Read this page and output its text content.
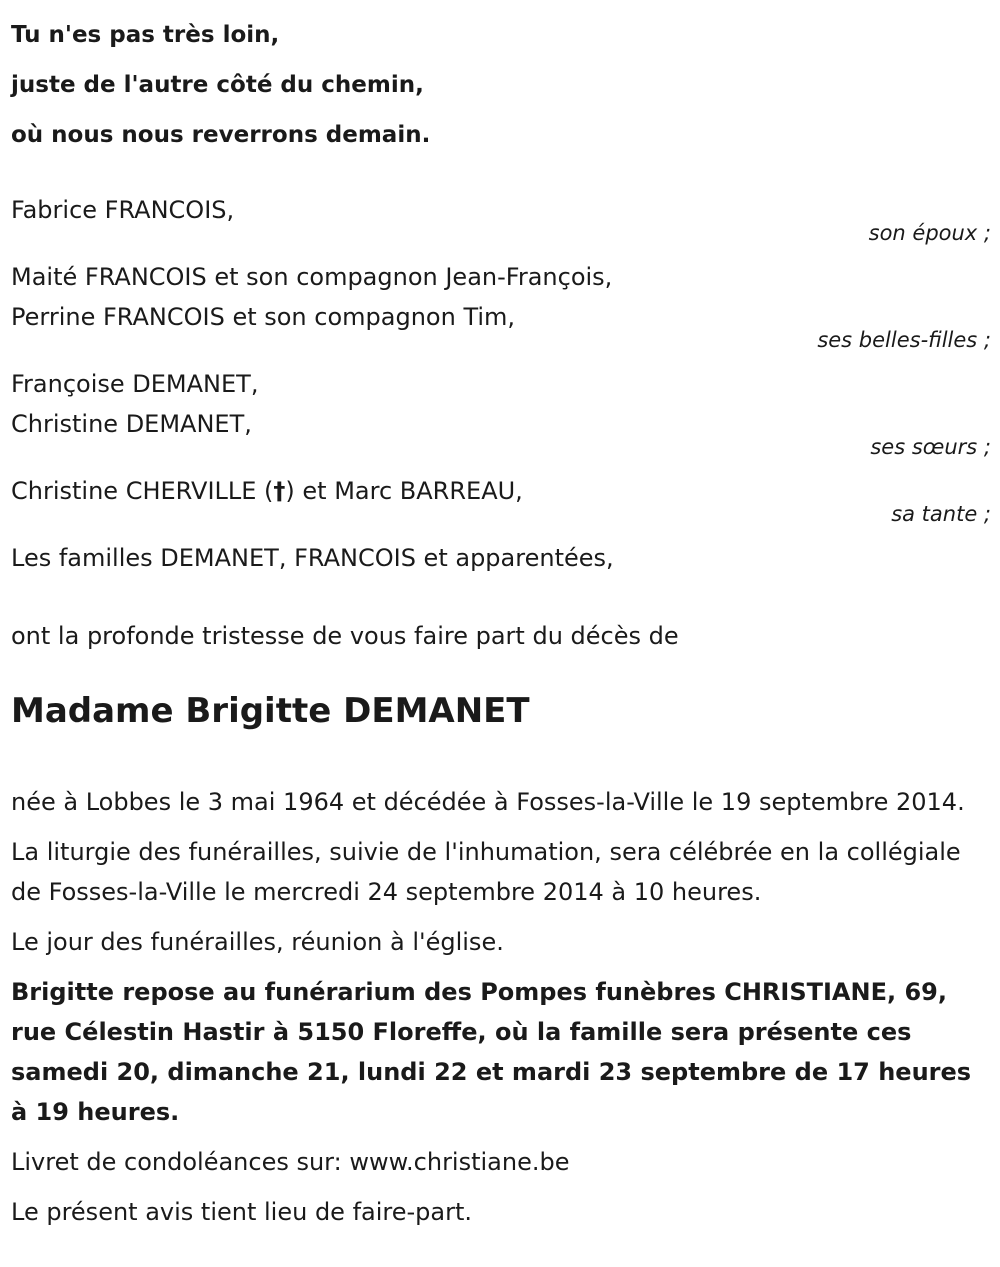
Tu n'es pas très loin,
juste de l'autre côté du chemin,
où nous nous reverrons demain.
Fabrice FRANCOIS,
son époux ;
Maité FRANCOIS et son compagnon Jean-François,
Perrine FRANCOIS et son compagnon Tim,
ses belles-filles ;
Françoise DEMANET,
Christine DEMANET,
ses sœurs ;
Christine CHERVILLE (†) et Marc BARREAU,
sa tante ;
Les familles DEMANET, FRANCOIS et apparentées,
ont la profonde tristesse de vous faire part du décès de
Madame Brigitte DEMANET

née à Lobbes le 3 mai 1964 et décédée à Fosses-la-Ville le 19 septembre 2014.

La liturgie des funérailles, suivie de l'inhumation, sera célébrée en la collégiale de Fosses-la-Ville le mercredi 24 septembre 2014 à 10 heures.

Le jour des funérailles, réunion à l'église.

Brigitte repose au funérarium des Pompes funèbres CHRISTIANE, 69, rue Célestin Hastir à 5150 Floreffe, où la famille sera présente ces samedi 20, dimanche 21, lundi 22 et mardi 23 septembre de 17 heures à 19 heures.

Livret de condoléances sur: www.christiane.be

Le présent avis tient lieu de faire-part.
